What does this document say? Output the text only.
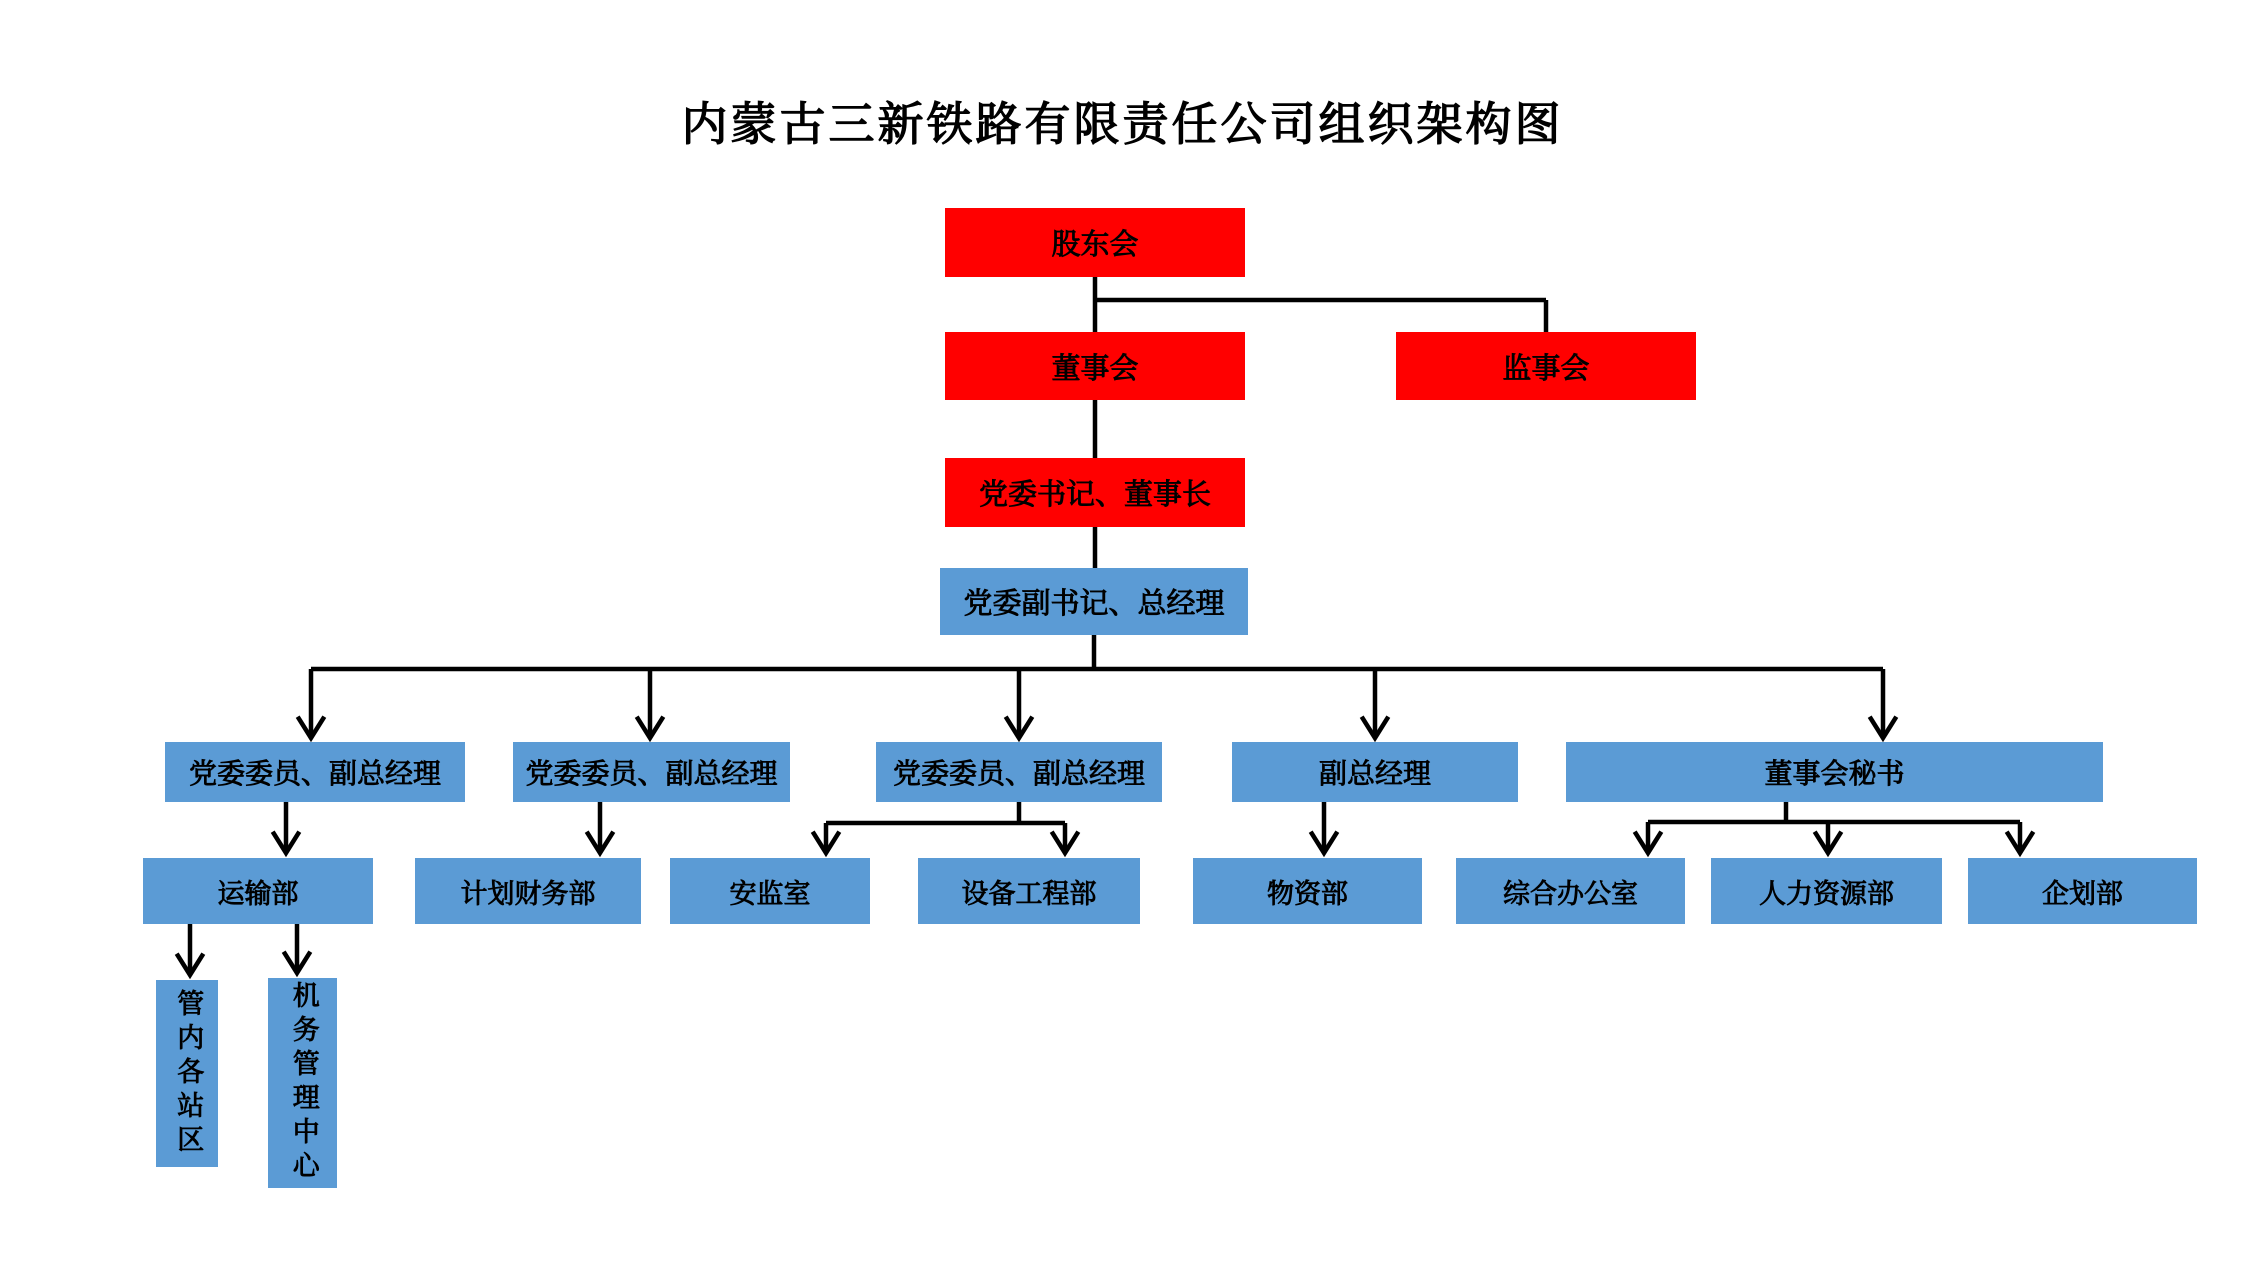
内蒙古三新铁路有限责任公司组织架构图
股东会
董事会	监事会
党委书记、董事长
党委副书记、总经理
党委委员、副总经理	党委委员、副总经理	党委委员、副总经理	副总经理	董事会秘书
运输部	计划财务部	安监室	设备工程部	物资部	综合办公室	人力资源部	企划部
管内各站区	机务管理中心
